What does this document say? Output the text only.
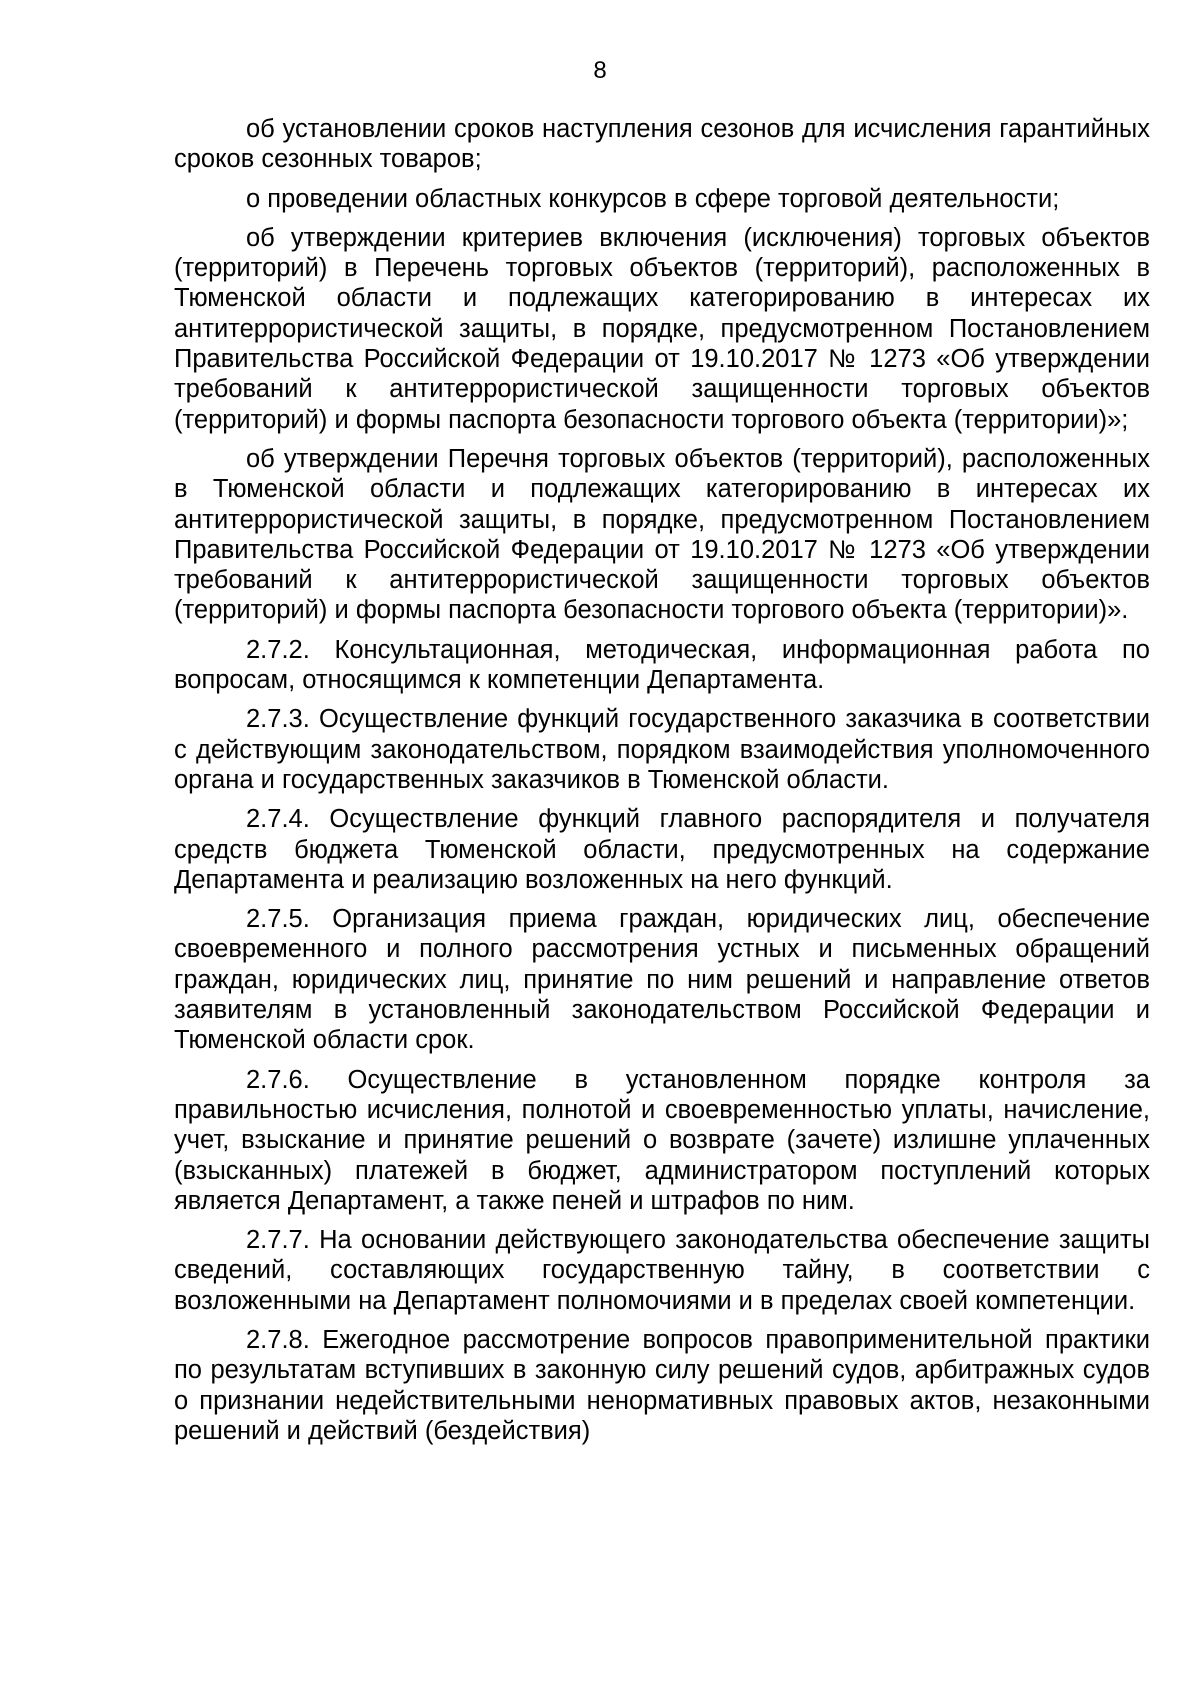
8

об установлении сроков наступления сезонов для исчисления гарантийных сроков сезонных товаров;

о проведении областных конкурсов в сфере торговой деятельности;

об утверждении критериев включения (исключения) торговых объектов (территорий) в Перечень торговых объектов (территорий), расположенных в Тюменской области и подлежащих категорированию в интересах их антитеррористической защиты, в порядке, предусмотренном Постановлением Правительства Российской Федерации от 19.10.2017 № 1273 «Об утверждении требований к антитеррористической защищенности торговых объектов (территорий) и формы паспорта безопасности торгового объекта (территории)»;

об утверждении Перечня торговых объектов (территорий), расположенных в Тюменской области и подлежащих категорированию в интересах их антитеррористической защиты, в порядке, предусмотренном Постановлением Правительства Российской Федерации от 19.10.2017 № 1273 «Об утверждении требований к антитеррористической защищенности торговых объектов (территорий) и формы паспорта безопасности торгового объекта (территории)».

2.7.2. Консультационная, методическая, информационная работа по вопросам, относящимся к компетенции Департамента.

2.7.3. Осуществление функций государственного заказчика в соответствии с действующим законодательством, порядком взаимодействия уполномоченного органа и государственных заказчиков в Тюменской области.

2.7.4. Осуществление функций главного распорядителя и получателя средств бюджета Тюменской области, предусмотренных на содержание Департамента и реализацию возложенных на него функций.

2.7.5. Организация приема граждан, юридических лиц, обеспечение своевременного и полного рассмотрения устных и письменных обращений граждан, юридических лиц, принятие по ним решений и направление ответов заявителям в установленный законодательством Российской Федерации и Тюменской области срок.

2.7.6. Осуществление в установленном порядке контроля за правильностью исчисления, полнотой и своевременностью уплаты, начисление, учет, взыскание и принятие решений о возврате (зачете) излишне уплаченных (взысканных) платежей в бюджет, администратором поступлений которых является Департамент, а также пеней и штрафов по ним.

2.7.7. На основании действующего законодательства обеспечение защиты сведений, составляющих государственную тайну, в соответствии с возложенными на Департамент полномочиями и в пределах своей компетенции.

2.7.8. Ежегодное рассмотрение вопросов правоприменительной практики по результатам вступивших в законную силу решений судов, арбитражных судов о признании недействительными ненормативных правовых актов, незаконными решений и действий (бездействия)
